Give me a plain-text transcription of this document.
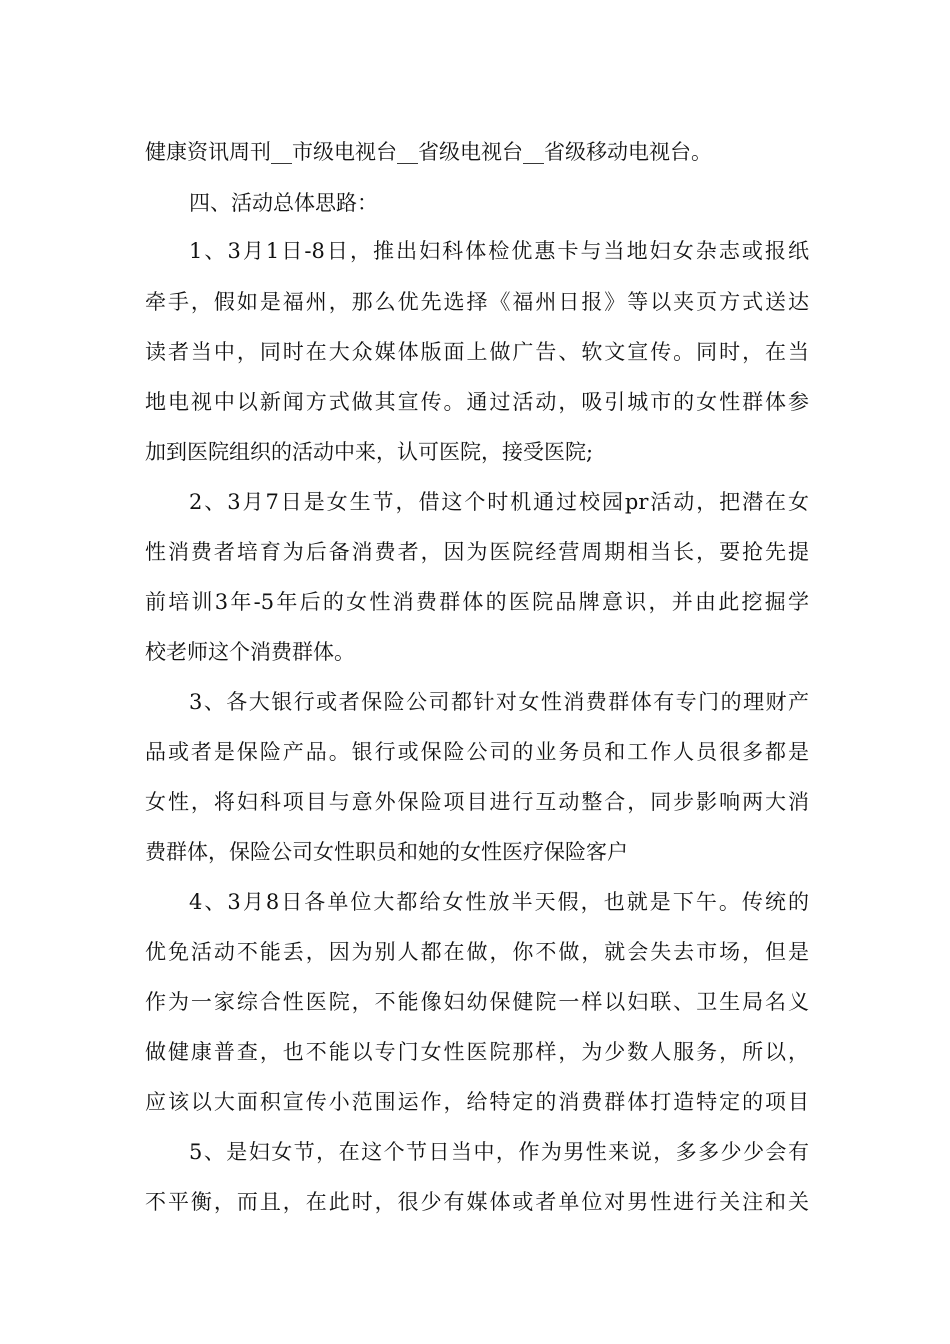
健康资讯周刊__市级电视台__省级电视台__省级移动电视台。
四、活动总体思路：
1、3月1日-8日，推出妇科体检优惠卡与当地妇女杂志或报纸
牵手，假如是福州，那么优先选择《福州日报》等以夹页方式送达
读者当中，同时在大众媒体版面上做广告、软文宣传。同时，在当
地电视中以新闻方式做其宣传。通过活动，吸引城市的女性群体参
加到医院组织的活动中来，认可医院，接受医院;
2、3月7日是女生节，借这个时机通过校园pr活动，把潜在女
性消费者培育为后备消费者，因为医院经营周期相当长，要抢先提
前培训3年-5年后的女性消费群体的医院品牌意识，并由此挖掘学
校老师这个消费群体。
3、各大银行或者保险公司都针对女性消费群体有专门的理财产
品或者是保险产品。银行或保险公司的业务员和工作人员很多都是
女性，将妇科项目与意外保险项目进行互动整合，同步影响两大消
费群体，保险公司女性职员和她的女性医疗保险客户
4、3月8日各单位大都给女性放半天假，也就是下午。传统的
优免活动不能丢，因为别人都在做，你不做，就会失去市场，但是
作为一家综合性医院，不能像妇幼保健院一样以妇联、卫生局名义
做健康普查，也不能以专门女性医院那样，为少数人服务，所以，
应该以大面积宣传小范围运作，给特定的消费群体打造特定的项目
5、是妇女节，在这个节日当中，作为男性来说，多多少少会有
不平衡，而且，在此时，很少有媒体或者单位对男性进行关注和关
